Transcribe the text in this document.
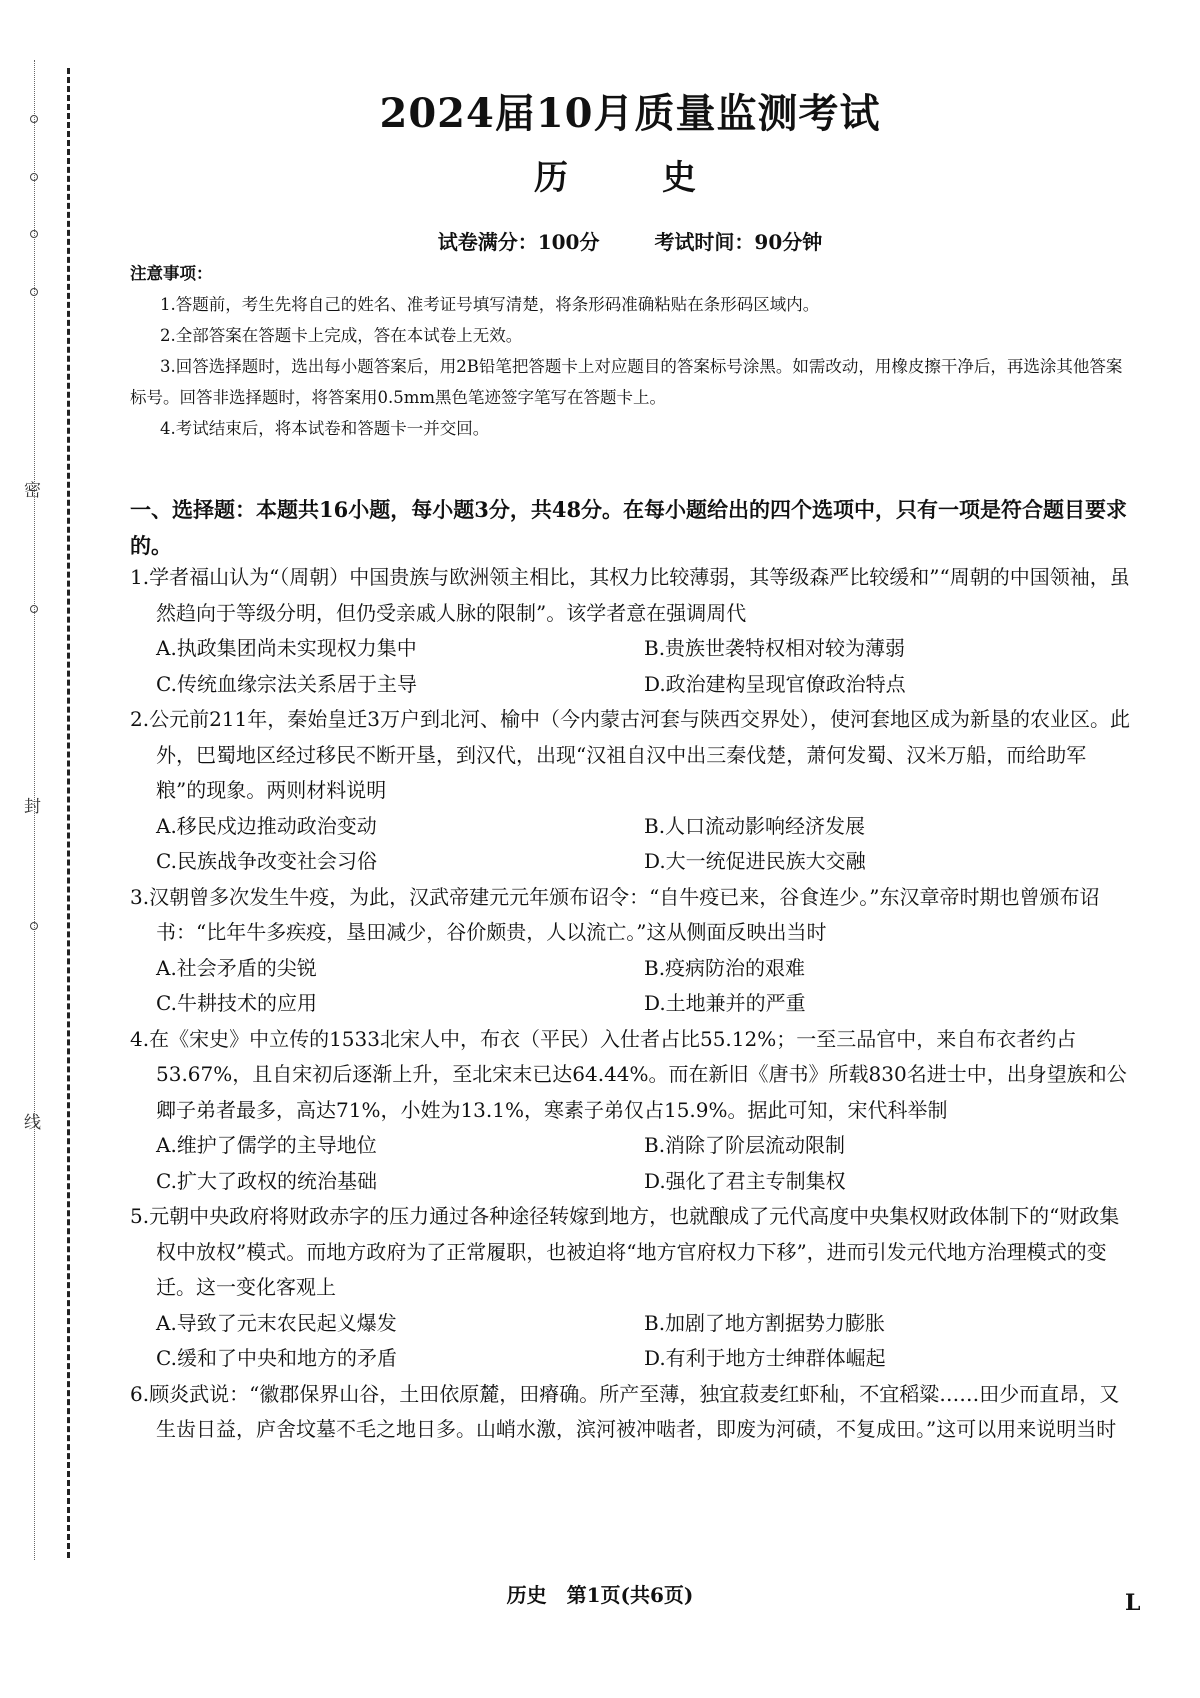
密
封
线
2024届10月质量监测考试
历　史
试卷满分：100分	考试时间：90分钟
注意事项：
1.答题前，考生先将自己的姓名、准考证号填写清楚，将条形码准确粘贴在条形码区域内。
2.全部答案在答题卡上完成，答在本试卷上无效。
3.回答选择题时，选出每小题答案后，用2B铅笔把答题卡上对应题目的答案标号涂黑。如需改动，用橡皮擦干净后，再选涂其他答案标号。回答非选择题时，将答案用0.5mm黑色笔迹签字笔写在答题卡上。
4.考试结束后，将本试卷和答题卡一并交回。
一、选择题：本题共16小题，每小题3分，共48分。在每小题给出的四个选项中，只有一项是符合题目要求的。
1.学者福山认为“（周朝）中国贵族与欧洲领主相比，其权力比较薄弱，其等级森严比较缓和”“周朝的中国领袖，虽然趋向于等级分明，但仍受亲戚人脉的限制”。该学者意在强调周代
A.执政集团尚未实现权力集中	B.贵族世袭特权相对较为薄弱
C.传统血缘宗法关系居于主导	D.政治建构呈现官僚政治特点
2.公元前211年，秦始皇迁3万户到北河、榆中（今内蒙古河套与陕西交界处），使河套地区成为新垦的农业区。此外，巴蜀地区经过移民不断开垦，到汉代，出现“汉祖自汉中出三秦伐楚，萧何发蜀、汉米万船，而给助军粮”的现象。两则材料说明
A.移民戍边推动政治变动	B.人口流动影响经济发展
C.民族战争改变社会习俗	D.大一统促进民族大交融
3.汉朝曾多次发生牛疫，为此，汉武帝建元元年颁布诏令：“自牛疫已来，谷食连少。”东汉章帝时期也曾颁布诏书：“比年牛多疾疫，垦田减少，谷价颇贵，人以流亡。”这从侧面反映出当时
A.社会矛盾的尖锐	B.疫病防治的艰难
C.牛耕技术的应用	D.土地兼并的严重
4.在《宋史》中立传的1533北宋人中，布衣（平民）入仕者占比55.12%；一至三品官中，来自布衣者约占53.67%，且自宋初后逐渐上升，至北宋末已达64.44%。而在新旧《唐书》所载830名进士中，出身望族和公卿子弟者最多，高达71%，小姓为13.1%，寒素子弟仅占15.9%。据此可知，宋代科举制
A.维护了儒学的主导地位	B.消除了阶层流动限制
C.扩大了政权的统治基础	D.强化了君主专制集权
5.元朝中央政府将财政赤字的压力通过各种途径转嫁到地方，也就酿成了元代高度中央集权财政体制下的“财政集权中放权”模式。而地方政府为了正常履职，也被迫将“地方官府权力下移”，进而引发元代地方治理模式的变迁。这一变化客观上
A.导致了元末农民起义爆发	B.加剧了地方割据势力膨胀
C.缓和了中央和地方的矛盾	D.有利于地方士绅群体崛起
6.顾炎武说：“徽郡保界山谷，土田依原麓，田瘠确。所产至薄，独宜菽麦红虾秈，不宜稻粱……田少而直昂，又生齿日益，庐舍坟墓不毛之地日多。山峭水激，滨河被冲啮者，即废为河碛，不复成田。”这可以用来说明当时
历史　第1页(共6页)	L
